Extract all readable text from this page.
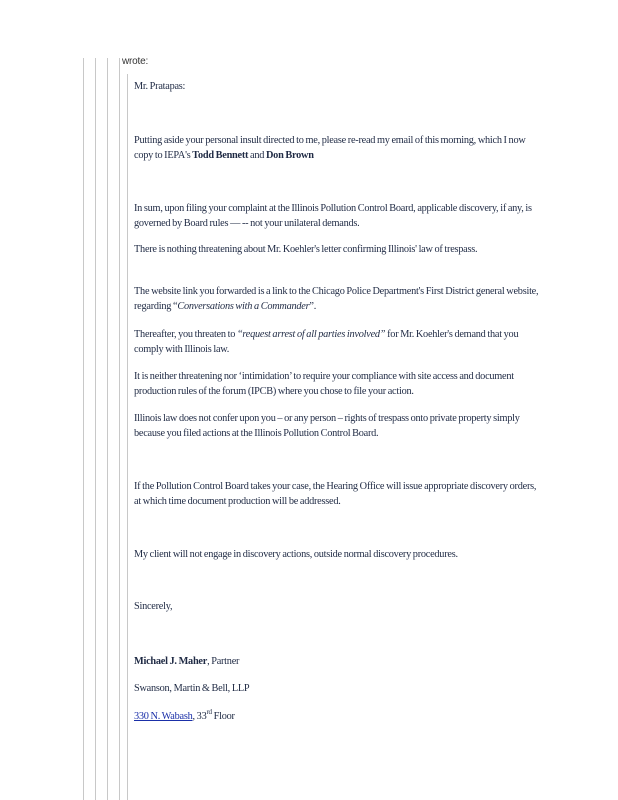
wrote:

Mr. Pratapas:

Putting aside your personal insult directed to me, please re-read my email of this morning, which I now copy to IEPA's Todd Bennett and Don Brown

In sum, upon filing your complaint at the Illinois Pollution Control Board, applicable discovery, if any, is governed by Board rules — -- not your unilateral demands.

There is nothing threatening about Mr. Koehler's letter confirming Illinois' law of trespass.

The website link you forwarded is a link to the Chicago Police Department's First District general website, regarding “Conversations with a Commander”.

Thereafter, you threaten to “request arrest of all parties involved” for Mr. Koehler's demand that you comply with Illinois law.

It is neither threatening nor ‘intimidation’ to require your compliance with site access and document production rules of the forum (IPCB) where you chose to file your action.

Illinois law does not confer upon you – or any person – rights of trespass onto private property simply because you filed actions at the Illinois Pollution Control Board.

If the Pollution Control Board takes your case, the Hearing Office will issue appropriate discovery orders, at which time document production will be addressed.

My client will not engage in discovery actions, outside normal discovery procedures.

Sincerely,

Michael J. Maher, Partner

Swanson, Martin & Bell, LLP

330 N. Wabash, 33rd Floor
